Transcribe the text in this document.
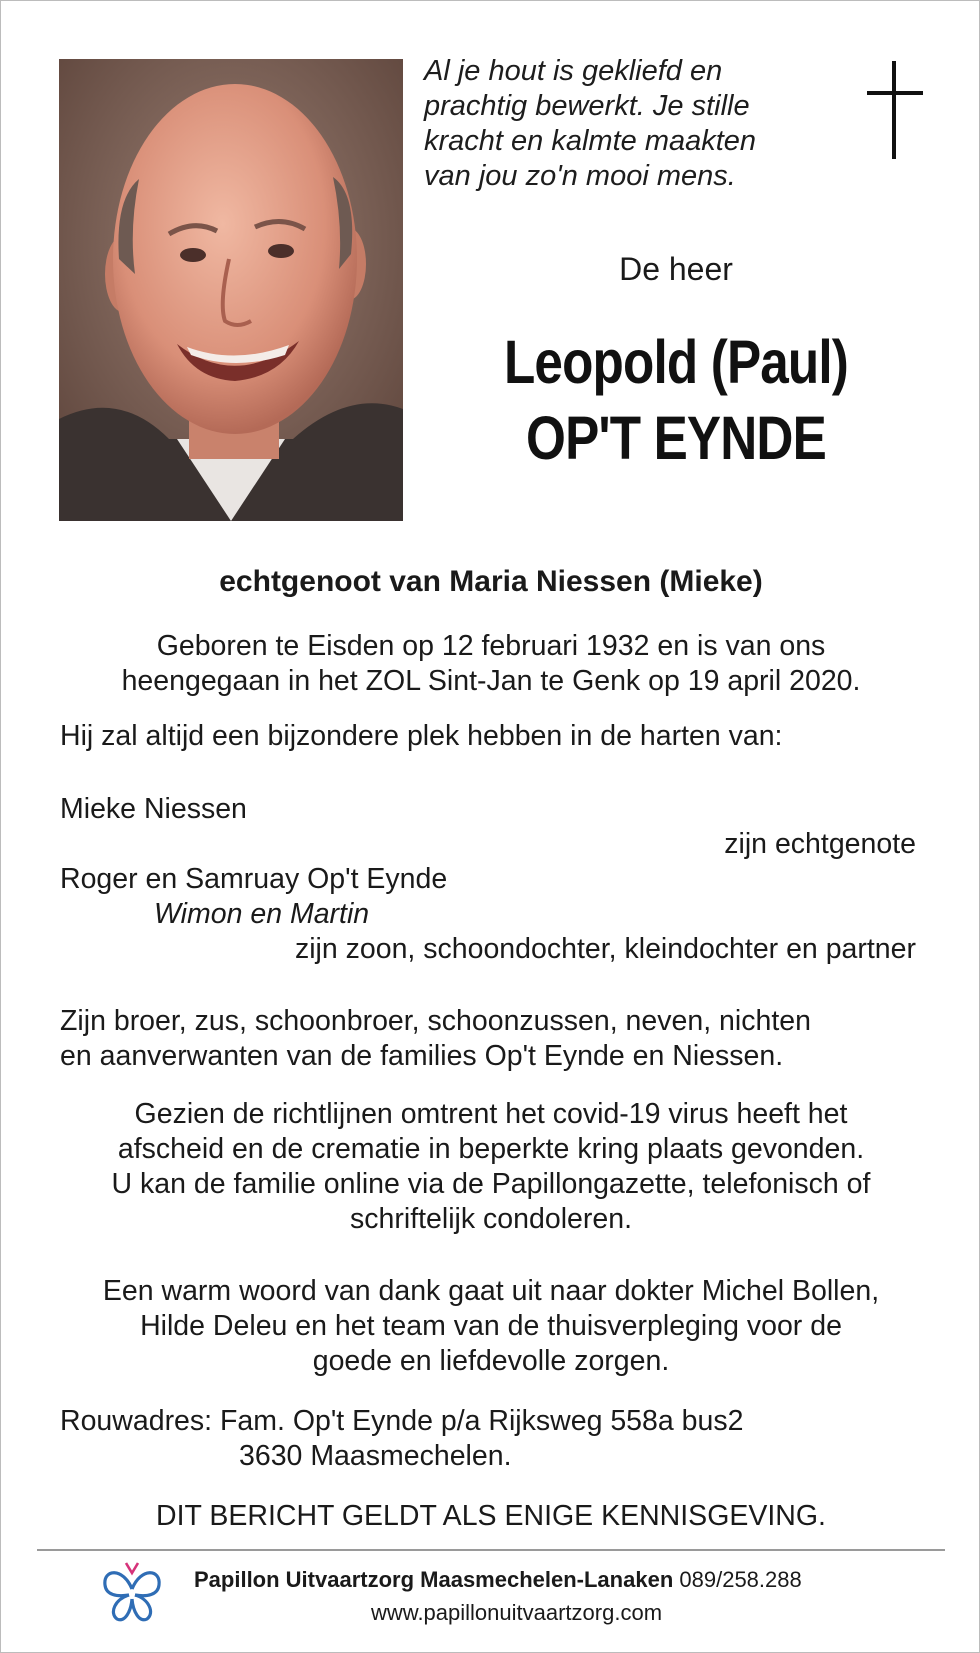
Al je hout is gekliefd en
prachtig bewerkt. Je stille
kracht en kalmte maakten
van jou zo'n mooi mens.
De heer
Leopold (Paul)
OP'T EYNDE
echtgenoot van Maria Niessen (Mieke)
Geboren te Eisden op 12 februari 1932 en is van ons
heengegaan in het ZOL Sint-Jan te Genk op 19 april 2020.
Hij zal altijd een bijzondere plek hebben in de harten van:
Mieke Niessen
zijn echtgenote
Roger en Samruay Op't Eynde
Wimon en Martin
zijn zoon, schoondochter, kleindochter en partner
Zijn broer, zus, schoonbroer, schoonzussen, neven, nichten
en aanverwanten van de families Op't Eynde en Niessen.
Gezien de richtlijnen omtrent het covid-19 virus heeft het
afscheid en de crematie in beperkte kring plaats gevonden.
U kan de familie online via de Papillongazette, telefonisch of
schriftelijk condoleren.
Een warm woord van dank gaat uit naar dokter Michel Bollen,
Hilde Deleu en het team van de thuisverpleging voor de
goede en liefdevolle zorgen.
Rouwadres: Fam. Op't Eynde p/a Rijksweg 558a bus2
3630 Maasmechelen.
DIT BERICHT GELDT ALS ENIGE KENNISGEVING.
Papillon Uitvaartzorg Maasmechelen-Lanaken 089/258.288
www.papillonuitvaartzorg.com
